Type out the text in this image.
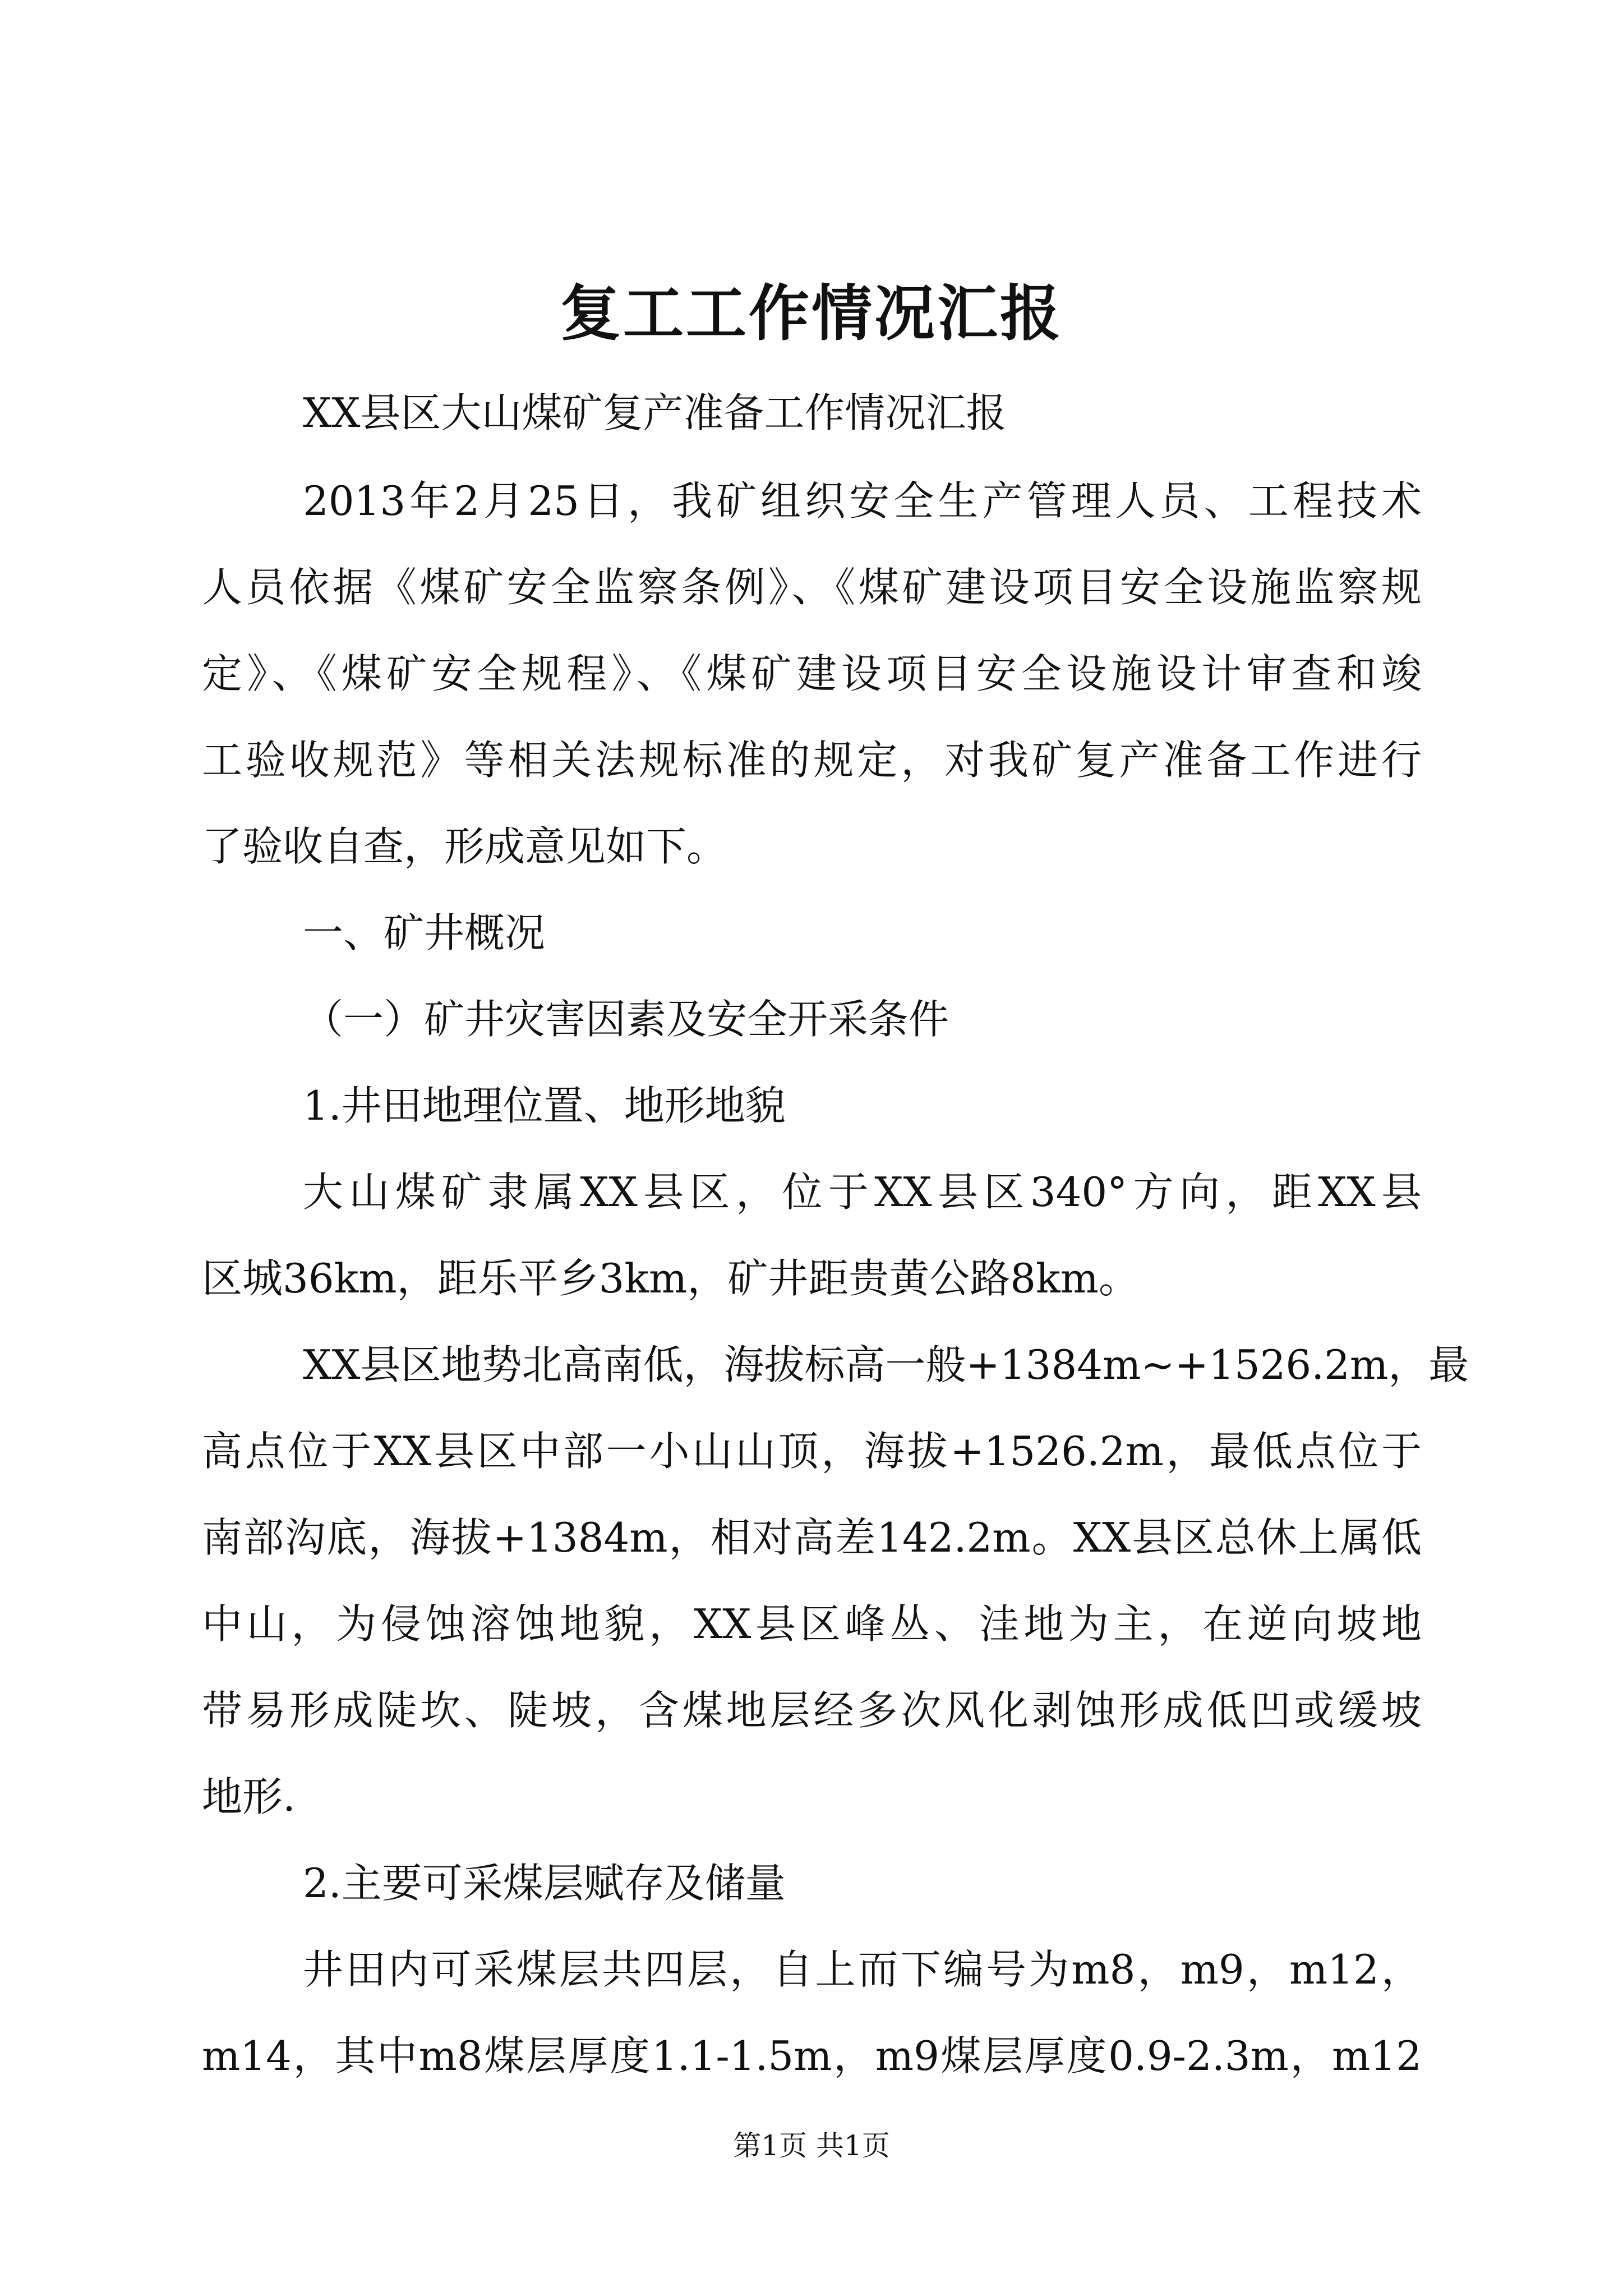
复工工作情况汇报
XX县区大山煤矿复产准备工作情况汇报
2013年2月25日，我矿组织安全生产管理人员、工程技术
人员依据《煤矿安全监察条例》、《煤矿建设项目安全设施监察规
定》、《煤矿安全规程》、《煤矿建设项目安全设施设计审查和竣
工验收规范》等相关法规标准的规定，对我矿复产准备工作进行
了验收自查，形成意见如下。
一、矿井概况
（一）矿井灾害因素及安全开采条件
1.井田地理位置、地形地貌
大山煤矿隶属XX县区，位于XX县区340°方向，距XX县
区城36km，距乐平乡3km，矿井距贵黄公路8km。
XX县区地势北高南低，海拔标高一般+1384m~+1526.2m，最
高点位于XX县区中部一小山山顶，海拔+1526.2m，最低点位于
南部沟底，海拔+1384m，相对高差142.2m。XX县区总休上属低
中山，为侵蚀溶蚀地貌，XX县区峰丛、洼地为主，在逆向坡地
带易形成陡坎、陡坡，含煤地层经多次风化剥蚀形成低凹或缓坡
地形.
2.主要可采煤层赋存及储量
井田内可采煤层共四层，自上而下编号为m8，m9，m12，
m14，其中m8煤层厚度1.1-1.5m，m9煤层厚度0.9-2.3m，m12
第1页 共1页
